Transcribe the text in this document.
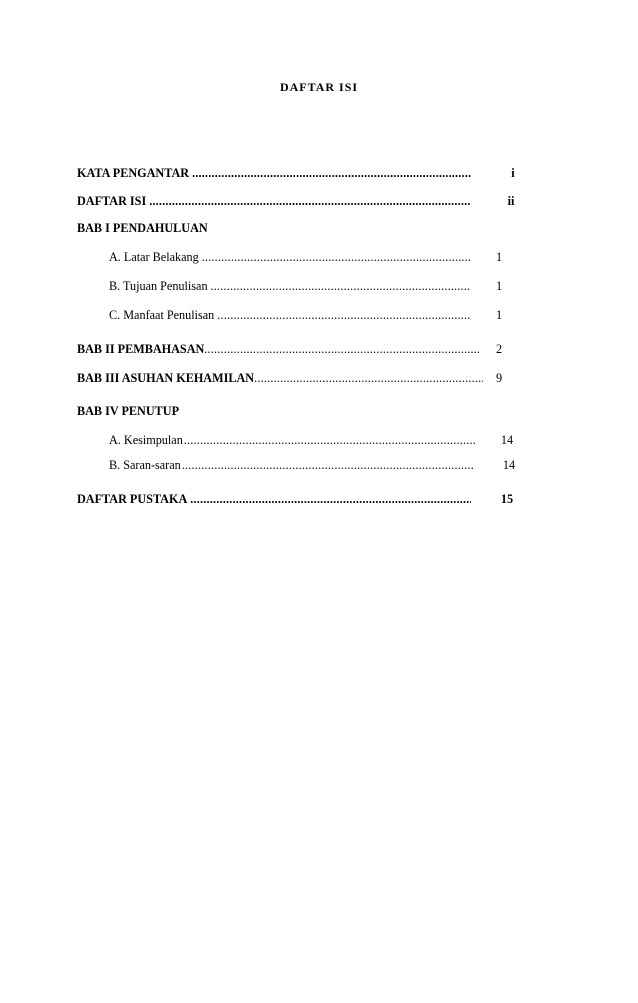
DAFTAR ISI
KATA PENGANTAR .....	i
DAFTAR ISI .....	ii
BAB I PENDAHULUAN
A. Latar Belakang .....	1
B. Tujuan Penulisan .....	1
C. Manfaat Penulisan .....	1
BAB II PEMBAHASAN .....	2
BAB III ASUHAN KEHAMILAN .....	9
BAB IV PENUTUP
A. Kesimpulan .....	14
B. Saran-saran .....	14
DAFTAR PUSTAKA .....	15
